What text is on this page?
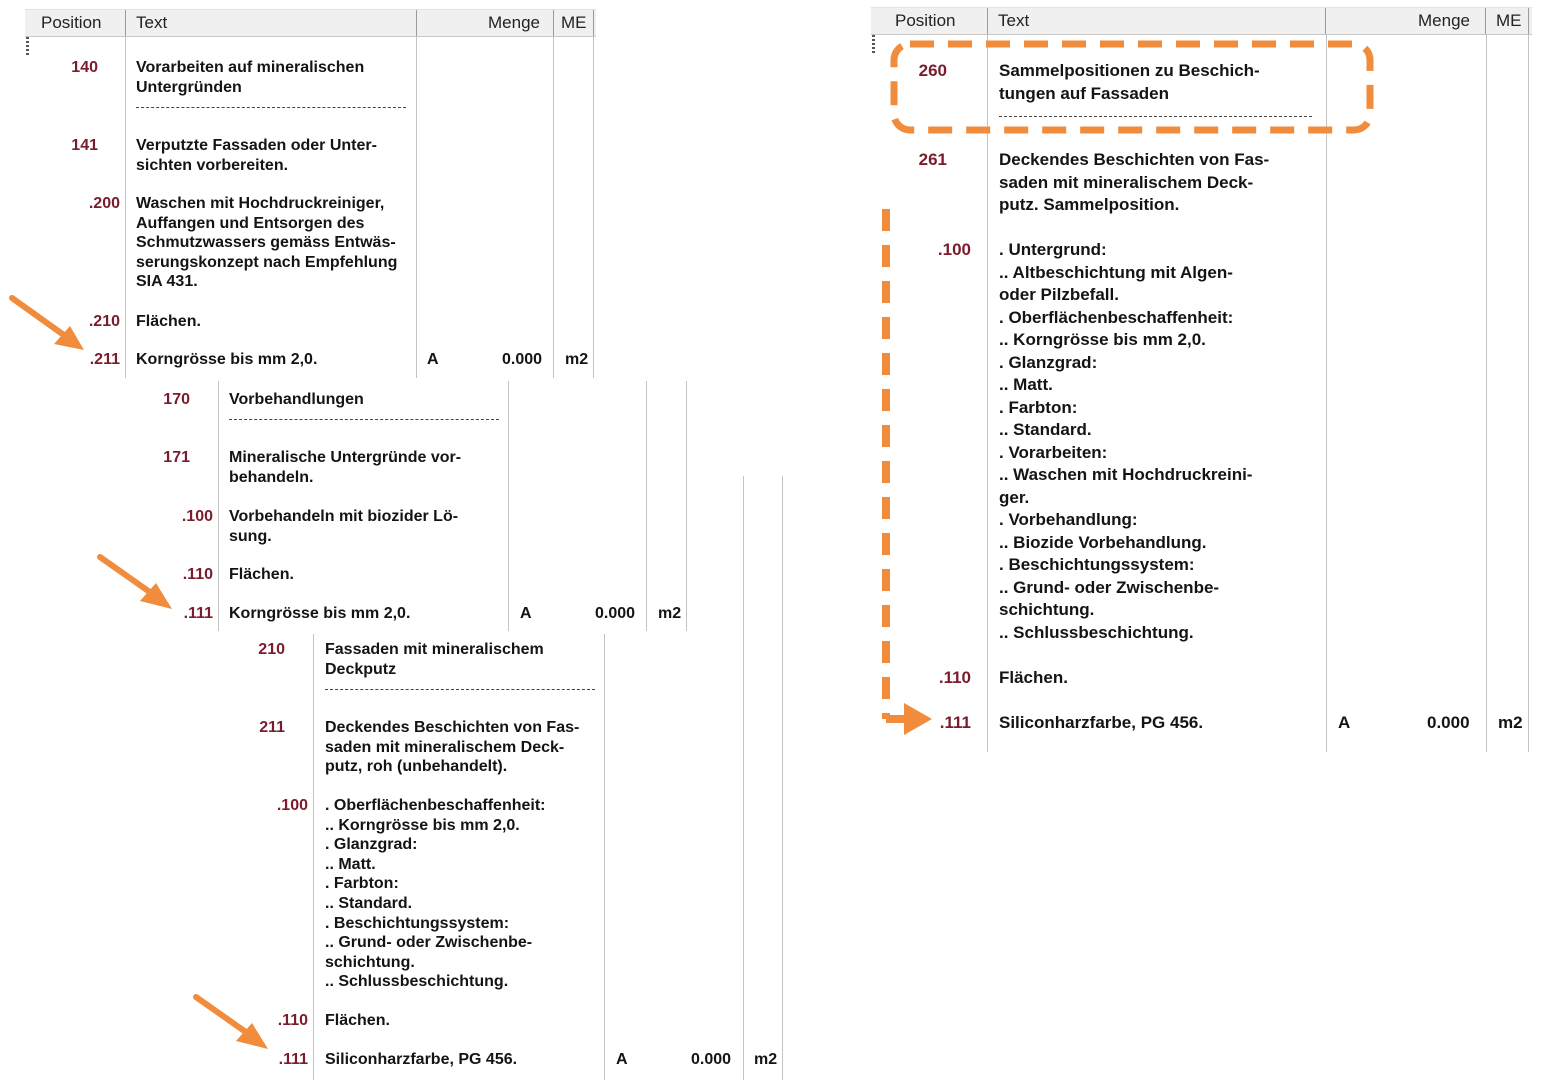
Position Text	Menge ME
140 Vorarbeiten auf mineralischen
Untergründen
141 Verputzte Fassaden oder Unter-
sichten vorbereiten.
.200 Waschen mit Hochdruckreiniger,
Auffangen und Entsorgen des
Schmutzwassers gemäss Entwäs-
serungskonzept nach Empfehlung
SIA 431.
.210 Flächen.
.211 Korngrösse bis mm 2,0.	A	0.000 m2
170 Vorbehandlungen
171 Mineralische Untergründe vor-
behandeln.
.100 Vorbehandeln mit biozider Lö-
sung.
.110 Flächen.
.111 Korngrösse bis mm 2,0.	A	0.000 m2
210	Fassaden mit mineralischem
Deckputz
211	Deckendes Beschichten von Fas-
saden mit mineralischem Deck-
putz, roh (unbehandelt).
.100 . Oberflächenbeschaffenheit:
.. Korngrösse bis mm 2,0.
. Glanzgrad:
.. Matt.
. Farbton:
.. Standard.
. Beschichtungssystem:
.. Grund- oder Zwischenbe-
schichtung.
.. Schlussbeschichtung.
.110 Flächen.
.111 Siliconharzfarbe, PG 456.	A	0.000 m2
Position	Text	Menge ME
260	Sammelpositionen zu Beschich-
tungen auf Fassaden
261	Deckendes Beschichten von Fas-
saden mit mineralischem Deck-
putz. Sammelposition.
.100 . Untergrund:
.. Altbeschichtung mit Algen-
oder Pilzbefall.
. Oberflächenbeschaffenheit:
.. Korngrösse bis mm 2,0.
. Glanzgrad:
.. Matt.
. Farbton:
.. Standard.
. Vorarbeiten:
.. Waschen mit Hochdruckreini-
ger.
. Vorbehandlung:
.. Biozide Vorbehandlung.
. Beschichtungssystem:
.. Grund- oder Zwischenbe-
schichtung.
.. Schlussbeschichtung.
.110 Flächen.
.111 Siliconharzfarbe, PG 456.	A	0.000 m2
